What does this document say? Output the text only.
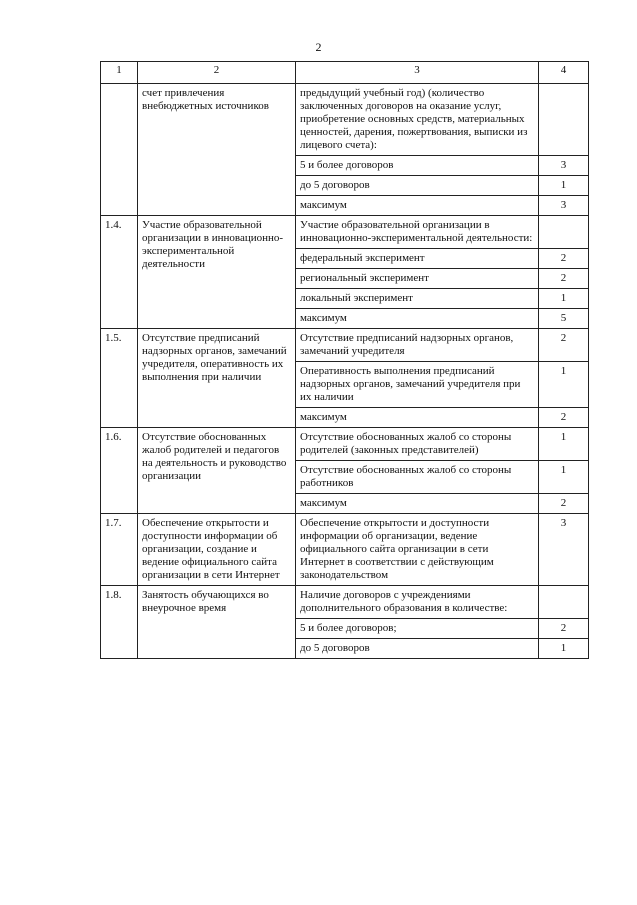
2
1	2	3	4
	счет привлечения внебюджетных источников	предыдущий учебный год) (количество заключенных договоров на оказание услуг, приобретение основных средств, материальных ценностей, дарения, пожертвования, выписки из лицевого счета):	
		5 и более договоров	3
		до 5 договоров	1
		максимум	3
1.4.	Участие образовательной организации в инновационно-экспериментальной деятельности	Участие образовательной организации в инновационно-экспериментальной деятельности:	
		федеральный эксперимент	2
		региональный эксперимент	2
		локальный эксперимент	1
		максимум	5
1.5.	Отсутствие предписаний надзорных органов, замечаний учредителя, оперативность их выполнения при наличии	Отсутствие предписаний надзорных органов, замечаний учредителя	2
		Оперативность выполнения предписаний надзорных органов, замечаний учредителя при их наличии	1
		максимум	2
1.6.	Отсутствие обоснованных жалоб родителей и педагогов на деятельность и руководство организации	Отсутствие обоснованных жалоб со стороны родителей (законных представителей)	1
		Отсутствие обоснованных жалоб со стороны работников	1
		максимум	2
1.7.	Обеспечение открытости и доступности информации об организации, создание и ведение официального сайта организации в сети Интернет	Обеспечение открытости и доступности информации об организации, ведение официального сайта организации в сети Интернет в соответствии с действующим законодательством	3
1.8.	Занятость обучающихся во внеурочное время	Наличие договоров с учреждениями дополнительного образования в количестве:	
		5 и более договоров;	2
		до 5 договоров	1
